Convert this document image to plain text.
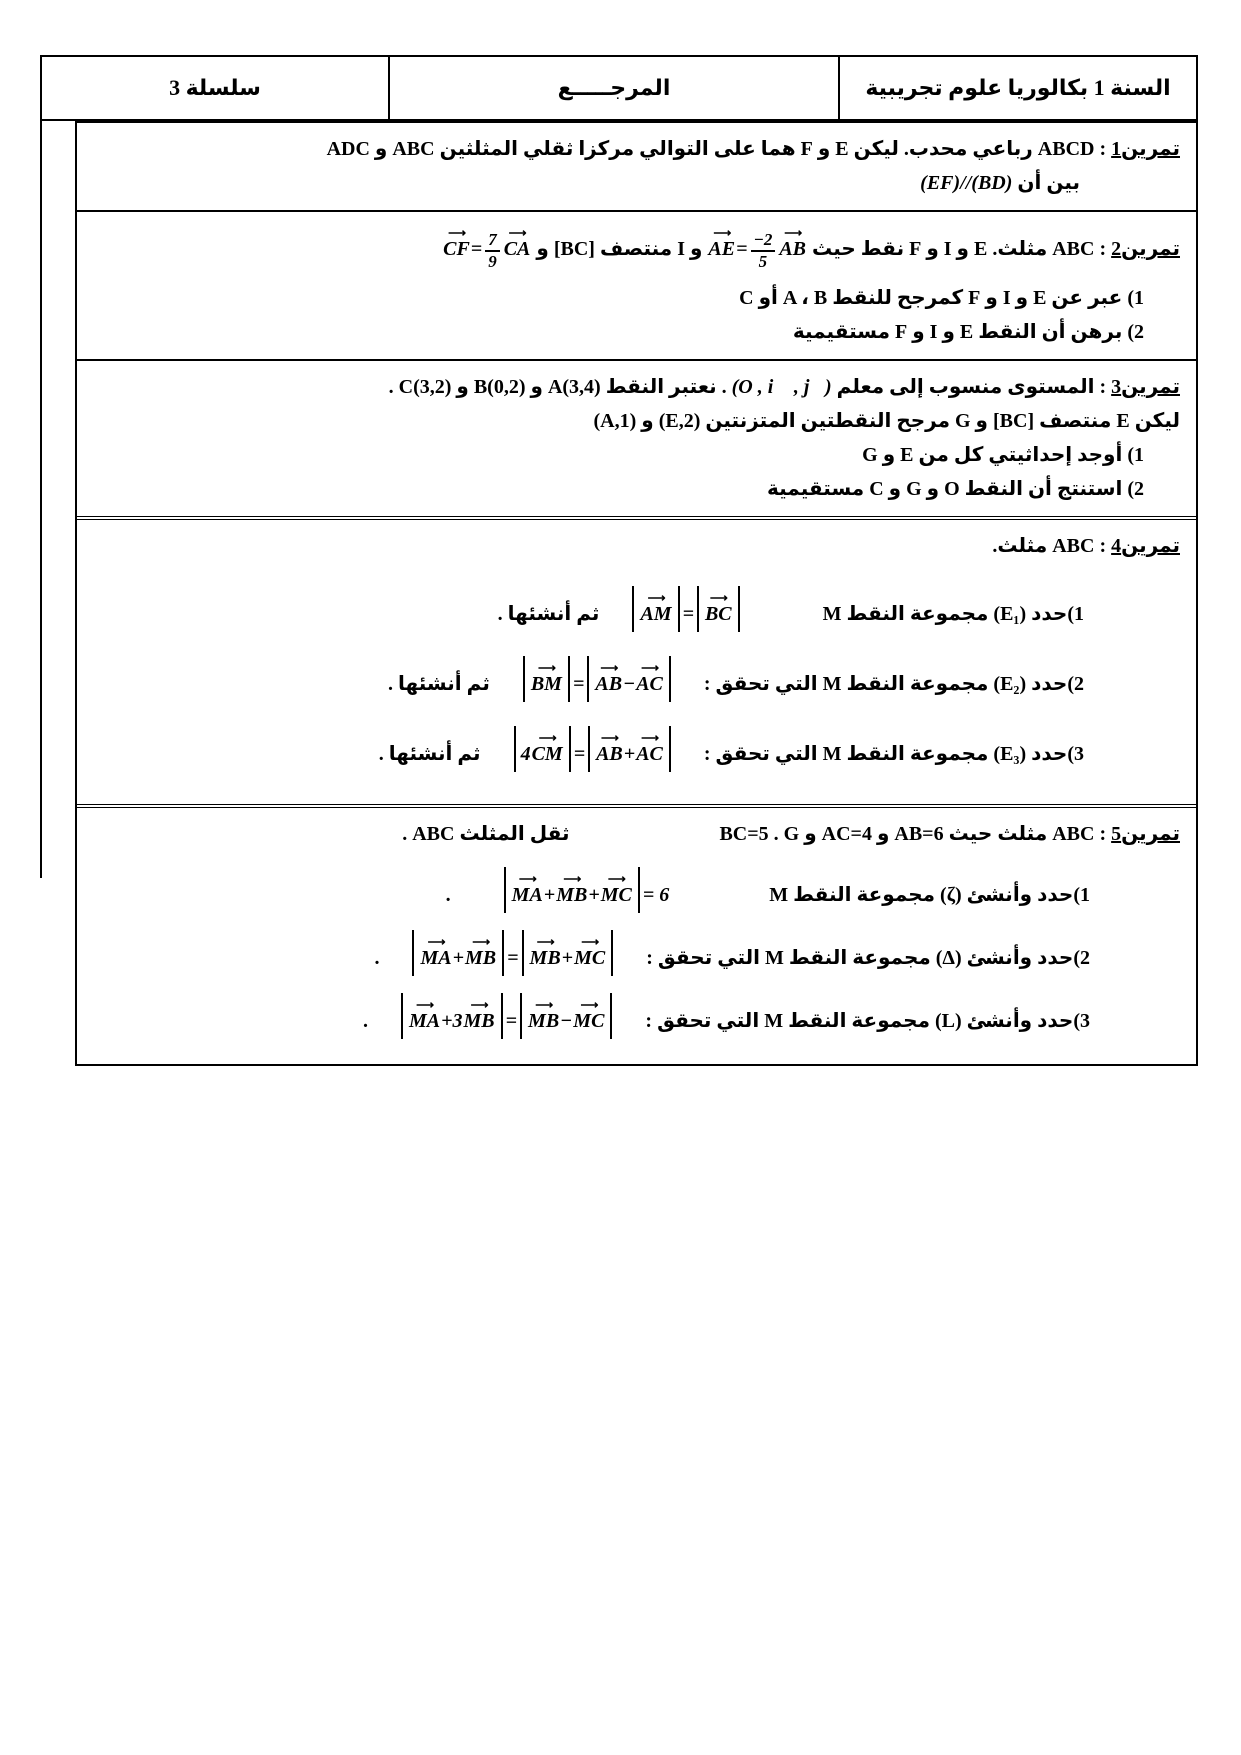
سلسلة 3	المرجـــــع	السنة 1 بكالوريا علوم تجريبية
تمرين1 : ABCD رباعي محدب. ليكن E و F هما على التوالي مركزا ثقلي المثلثين ABC و ADC
بين أن (EF)//(BD)
تمرين2 : ABC مثلث. E و I و F نقط حيث ⟶ $AE= \frac{-2}{5}$ ⟶ AB و I منتصف [BC] و ⟶ $CF= \frac{7}{9}$ ⟶ CA
1) عبر عن E و I و F كمرجح للنقط A ، B أو C
2) برهن أن النقط E و I و F مستقيمية
تمرين3 : المستوى منسوب إلى معلم (O , i⃗ , j⃗) . نعتبر النقط A(3,4) و B(0,2) و C(3,2) .
ليكن E منتصف [BC] و G مرجح النقطتين المتزنتين (E,2) و (A,1)
1) أوجد إحداثيتي كل من E و G
2) استنتج أن النقط O و G و C مستقيمية
تمرين4 : ABC مثلث.
1)حدد (E₁) مجموعة النقط M
⟶ AM = ⟶ BC
ثم أنشئها .
2)حدد (E₂) مجموعة النقط M التي تحقق :
⟶ BM = ⟶ AB − ⟶ AC
ثم أنشئها .
3)حدد (E₃) مجموعة النقط M التي تحقق :
4 ⟶ CM = ⟶ AB + ⟶ AC
ثم أنشئها .
تمرين5 : ABC مثلث حيث AB=6 و AC=4 و BC=5 . Gثقل المثلث ABC .
1)حدد وأنشئ (ζ) مجموعة النقط M
⟶ MA + ⟶ MB + ⟶ MC = 6.
2)حدد وأنشئ (Δ) مجموعة النقط M التي تحقق :
⟶ MA + ⟶ MB = ⟶ MB + ⟶ MC
.
3)حدد وأنشئ (L) مجموعة النقط M التي تحقق :
⟶ MA +3 ⟶ MB = ⟶ MB − ⟶ MC
.
